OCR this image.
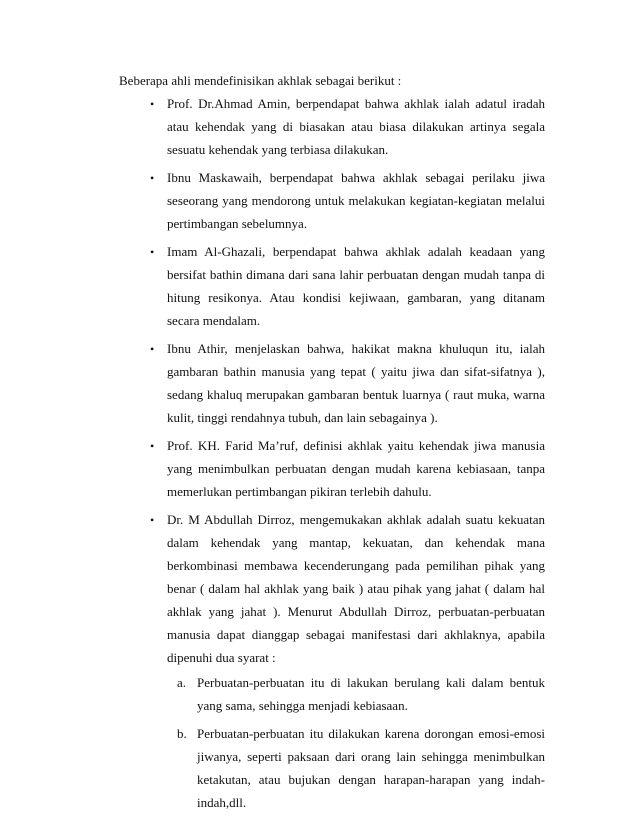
Beberapa ahli mendefinisikan akhlak sebagai berikut :
• Prof. Dr.Ahmad Amin, berpendapat bahwa akhlak ialah adatul iradah atau kehendak yang di biasakan atau biasa dilakukan artinya segala sesuatu kehendak yang terbiasa dilakukan.
• Ibnu Maskawaih, berpendapat bahwa akhlak sebagai perilaku jiwa seseorang yang mendorong untuk melakukan kegiatan-kegiatan melalui pertimbangan sebelumnya.
• Imam Al-Ghazali, berpendapat bahwa akhlak adalah keadaan yang bersifat bathin dimana dari sana lahir perbuatan dengan mudah tanpa di hitung resikonya. Atau kondisi kejiwaan, gambaran, yang ditanam secara mendalam.
• Ibnu Athir, menjelaskan bahwa, hakikat makna khuluqun itu, ialah gambaran bathin manusia yang tepat ( yaitu jiwa dan sifat-sifatnya ), sedang khaluq merupakan gambaran bentuk luarnya ( raut muka, warna kulit, tinggi rendahnya tubuh, dan lain sebagainya ).
• Prof. KH. Farid Ma’ruf, definisi akhlak yaitu kehendak jiwa manusia yang menimbulkan perbuatan dengan mudah karena kebiasaan, tanpa memerlukan pertimbangan pikiran terlebih dahulu.
• Dr. M Abdullah Dirroz, mengemukakan akhlak adalah suatu kekuatan dalam kehendak yang mantap, kekuatan, dan kehendak mana berkombinasi membawa kecenderungang pada pemilihan pihak yang benar ( dalam hal akhlak yang baik ) atau pihak yang jahat ( dalam hal akhlak yang jahat ). Menurut Abdullah Dirroz, perbuatan-perbuatan manusia dapat dianggap sebagai manifestasi dari akhlaknya, apabila dipenuhi dua syarat :
a. Perbuatan-perbuatan itu di lakukan berulang kali dalam bentuk yang sama, sehingga menjadi kebiasaan.
b. Perbuatan-perbuatan itu dilakukan karena dorongan emosi-emosi jiwanya, seperti paksaan dari orang lain sehingga menimbulkan ketakutan, atau bujukan dengan harapan-harapan yang indah-indah,dll.
